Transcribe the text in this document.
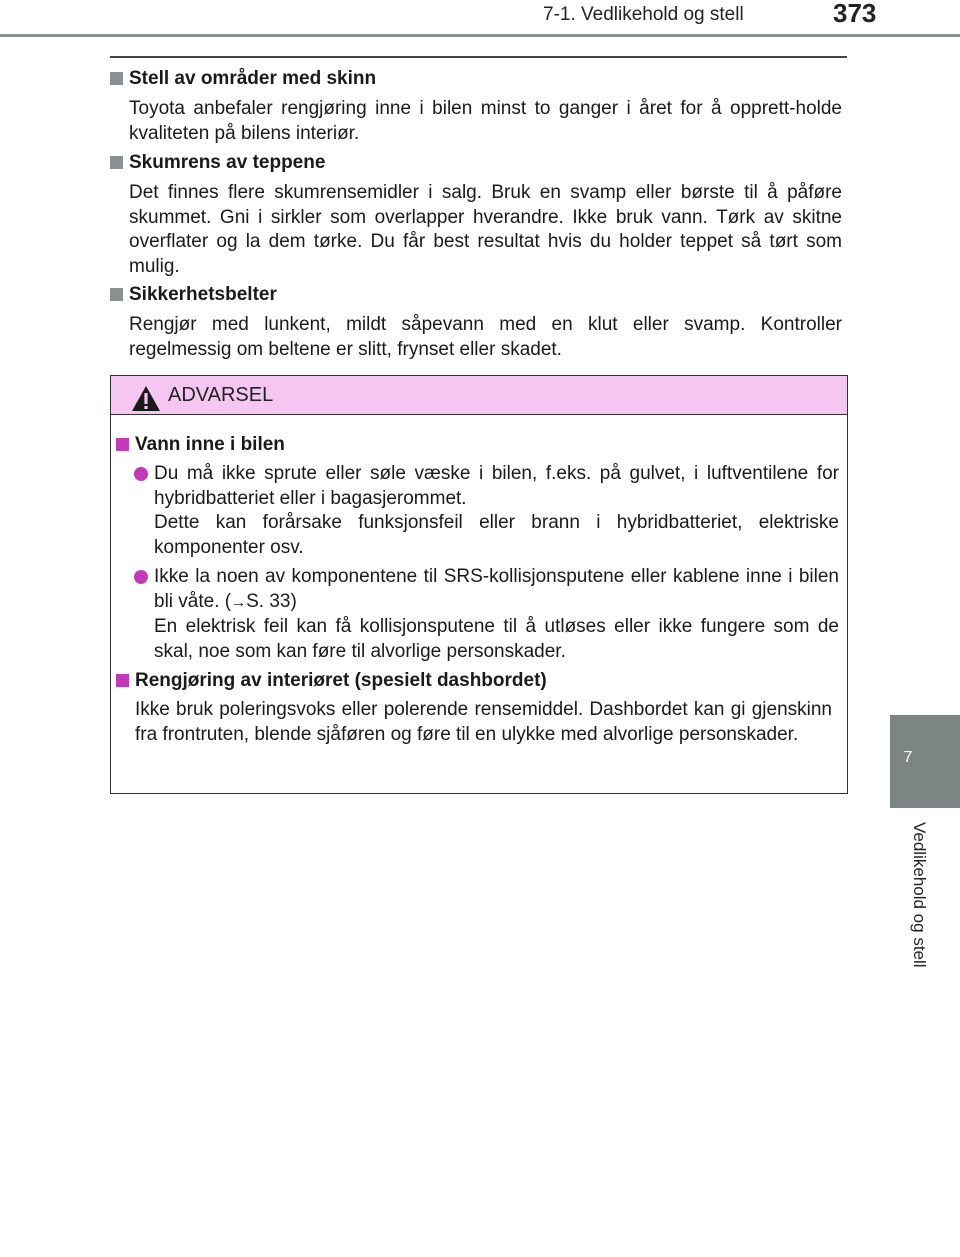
7-1. Vedlikehold og stell	373
7
Vedlikehold og stell
Stell av områder med skinn
Toyota anbefaler rengjøring inne i bilen minst to ganger i året for å opprett-holde kvaliteten på bilens interiør.
Skumrens av teppene
Det finnes flere skumrensemidler i salg. Bruk en svamp eller børste til å påføre skummet. Gni i sirkler som overlapper hverandre. Ikke bruk vann. Tørk av skitne overflater og la dem tørke. Du får best resultat hvis du holder teppet så tørt som mulig.
Sikkerhetsbelter
Rengjør med lunkent, mildt såpevann med en klut eller svamp. Kontroller regelmessig om beltene er slitt, frynset eller skadet.
ADVARSEL
Vann inne i bilen
Du må ikke sprute eller søle væske i bilen, f.eks. på gulvet, i luftventilene for hybridbatteriet eller i bagasjerommet.
Dette kan forårsake funksjonsfeil eller brann i hybridbatteriet, elektriske komponenter osv.
Ikke la noen av komponentene til SRS-kollisjonsputene eller kablene inne i bilen bli våte. (→S. 33)
En elektrisk feil kan få kollisjonsputene til å utløses eller ikke fungere som de skal, noe som kan føre til alvorlige personskader.
Rengjøring av interiøret (spesielt dashbordet)
Ikke bruk poleringsvoks eller polerende rensemiddel. Dashbordet kan gi gjenskinn fra frontruten, blende sjåføren og føre til en ulykke med alvorlige personskader.
